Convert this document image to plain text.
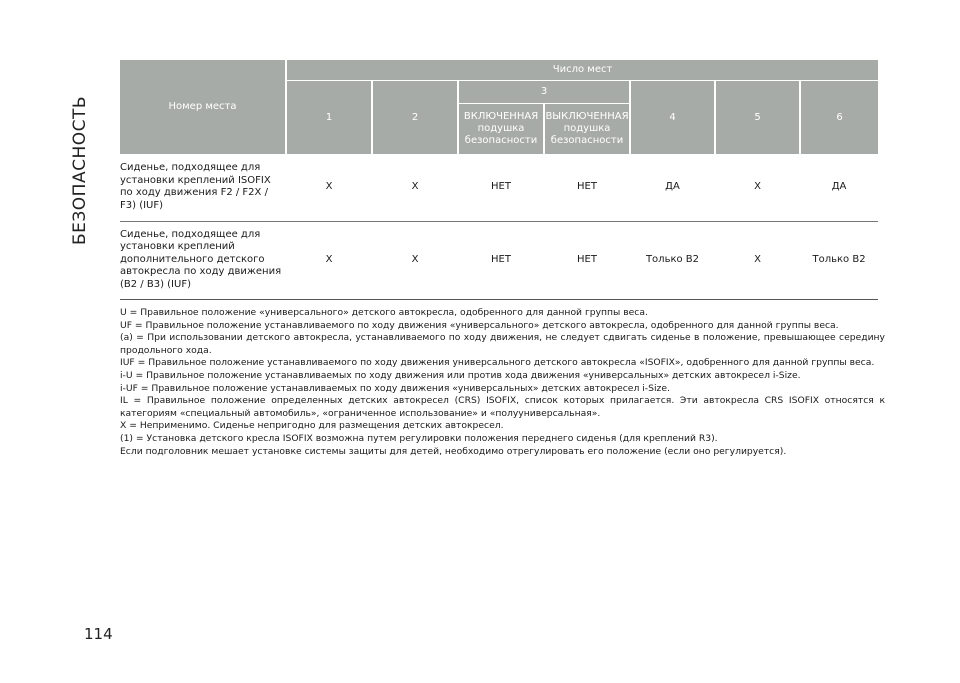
БЕЗОПАСНОСТЬ	Номер места	Число мест						
	1	2	3		4	5	6
			ВКЛЮЧЕННАЯ подушка безопасности	ВЫКЛЮЧЕННАЯ подушка безопасности			
Сиденье, подходящее для установки креплений ISOFIX по ходу движения F2 / F2X / F3) (IUF)	X	X	НЕТ	НЕТ	ДА	X	ДА
Сиденье, подходящее для установки креплений дополнительного детского автокресла по ходу движения (B2 / B3) (IUF)	X	X	НЕТ	НЕТ	Только B2	X	Только B2

U = Правильное положение «универсального» детского автокресла, одобренного для данной группы веса.

UF = Правильное положение устанавливаемого по ходу движения «универсального» детского автокресла, одобренного для данной группы веса.

(a) = При использовании детского автокресла, устанавливаемого по ходу движения, не следует сдвигать сиденье в положение, превышающее середину продольного хода.

IUF = Правильное положение устанавливаемого по ходу движения универсального детского автокресла «ISOFIX», одобренного для данной группы веса.

i-U = Правильное положение устанавливаемых по ходу движения или против хода движения «универсальных» детских автокресел i-Size.

i-UF = Правильное положение устанавливаемых по ходу движения «универсальных» детских автокресел i-Size.

IL = Правильное положение определенных детских автокресел (CRS) ISOFIX, список которых прилагается. Эти автокресла CRS ISOFIX относятся к категориям «специальный автомобиль», «ограниченное использование» и «полууниверсальная».

X = Неприменимо. Сиденье непригодно для размещения детских автокресел.

(1) = Установка детского кресла ISOFIX возможна путем регулировки положения переднего сиденья (для креплений R3).

Если подголовник мешает установке системы защиты для детей, необходимо отрегулировать его положение (если оно регулируется).

114
